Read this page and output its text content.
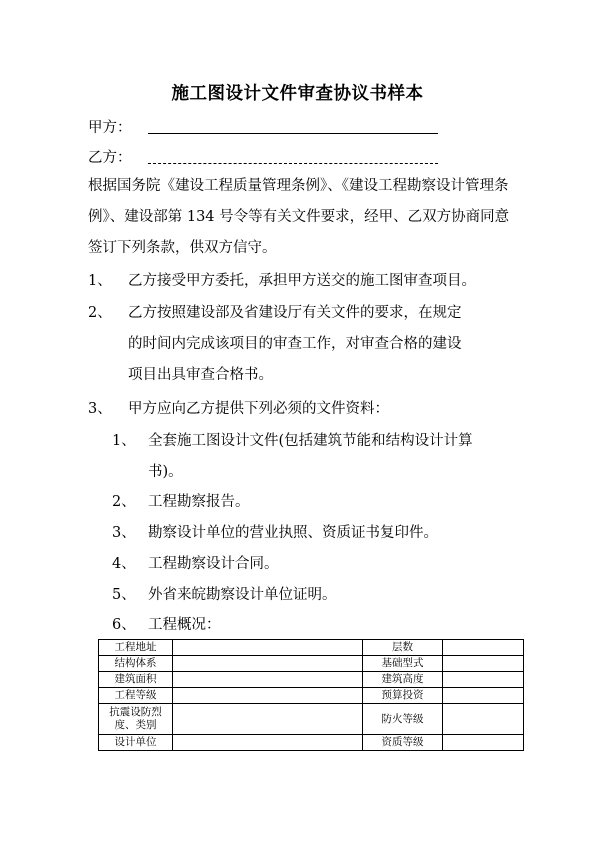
施工图设计文件审查协议书样本
甲方：
乙方：
根据国务院《建设工程质量管理条例》、《建设工程勘察设计管理条例》、建设部第 134 号令等有关文件要求，经甲、乙双方协商同意签订下列条款，供双方信守。
1、 乙方接受甲方委托，承担甲方送交的施工图审查项目。
2、 乙方按照建设部及省建设厅有关文件的要求，在规定
的时间内完成该项目的审查工作，对审查合格的建设
项目出具审查合格书。
3、 甲方应向乙方提供下列必须的文件资料：
1、 全套施工图设计文件(包括建筑节能和结构设计计算
书)。
2、 工程勘察报告。
3、 勘察设计单位的营业执照、资质证书复印件。
4、 工程勘察设计合同。
5、 外省来皖勘察设计单位证明。
6、 工程概况：
工程地址		层数	
结构体系		基础型式	
建筑面积		建筑高度	
工程等级		预算投资	

抗震设防烈
度、类别		防火等级	
设计单位		资质等级	
